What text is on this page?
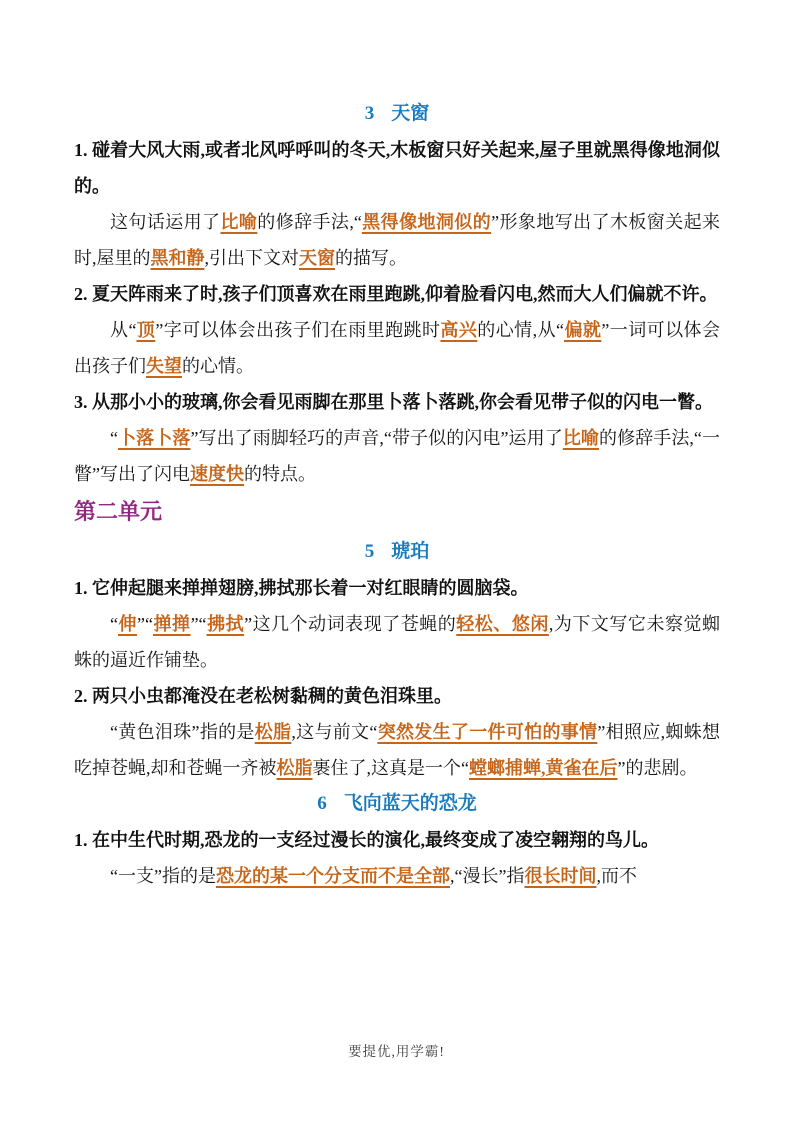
3 天窗

1. 碰着大风大雨,或者北风呼呼叫的冬天,木板窗只好关起来,屋子里就黑得像地洞似的。

这句话运用了比喻的修辞手法,“黑得像地洞似的”形象地写出了木板窗关起来时,屋里的黑和静,引出下文对天窗的描写。

2. 夏天阵雨来了时,孩子们顶喜欢在雨里跑跳,仰着脸看闪电,然而大人们偏就不许。

从“顶”字可以体会出孩子们在雨里跑跳时高兴的心情,从“偏就”一词可以体会出孩子们失望的心情。

3. 从那小小的玻璃,你会看见雨脚在那里卜落卜落跳,你会看见带子似的闪电一瞥。

“卜落卜落”写出了雨脚轻巧的声音,“带子似的闪电”运用了比喻的修辞手法,“一瞥”写出了闪电速度快的特点。

第二单元
5 琥珀

1. 它伸起腿来掸掸翅膀,拂拭那长着一对红眼睛的圆脑袋。

“伸”“掸掸”“拂拭”这几个动词表现了苍蝇的轻松、悠闲,为下文写它未察觉蜘蛛的逼近作铺垫。

2. 两只小虫都淹没在老松树黏稠的黄色泪珠里。

“黄色泪珠”指的是松脂,这与前文“突然发生了一件可怕的事情”相照应,蜘蛛想吃掉苍蝇,却和苍蝇一齐被松脂裹住了,这真是一个“螳螂捕蝉,黄雀在后”的悲剧。

6 飞向蓝天的恐龙

1. 在中生代时期,恐龙的一支经过漫长的演化,最终变成了凌空翱翔的鸟儿。

“一支”指的是恐龙的某一个分支而不是全部,“漫长”指很长时间,而不

要提优,用学霸!
